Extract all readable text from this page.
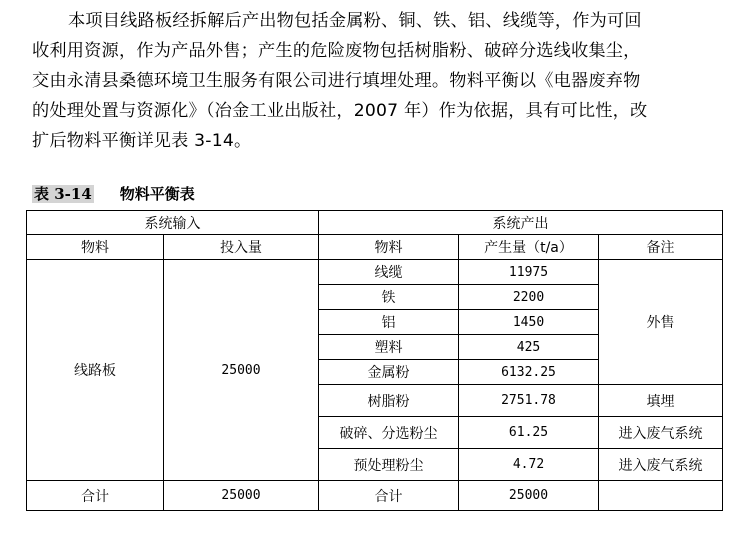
本项目线路板经拆解后产出物包括金属粉、铜、铁、铝、线缆等，作为可回
收利用资源，作为产品外售；产生的危险废物包括树脂粉、破碎分选线收集尘，
交由永清县桑德环境卫生服务有限公司进行填埋处理。物料平衡以《电器废弃物
的处理处置与资源化》（冶金工业出版社，2007 年）作为依据，具有可比性，改
扩后物料平衡详见表 3-14。
表 3-14 物料平衡表
系统输入		系统产出		
物料	投入量	物料	产生量（t/a）	备注
线路板	25000	线缆	11975	外售
		铁	2200	
		铝	1450	
		塑料	425	
		金属粉	6132.25	
		树脂粉	2751.78	填埋
		破碎、分选粉尘	61.25	进入废气系统
		预处理粉尘	4.72	进入废气系统
合计	25000	合计	25000	
